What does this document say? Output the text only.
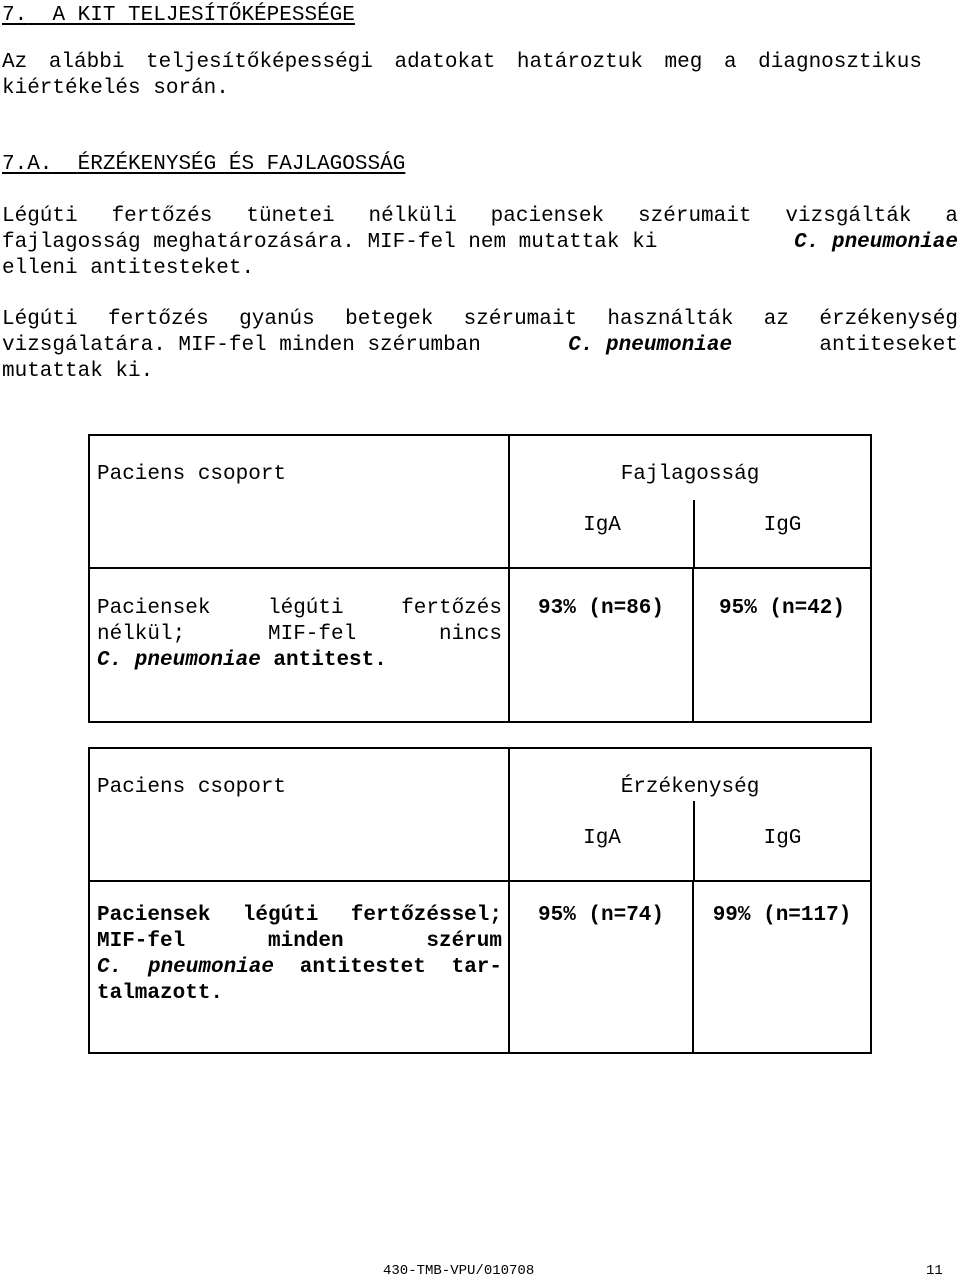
7. A KIT TELJESÍTŐKÉPESSÉGE
Az alábbi teljesítőképességi adatokat határoztuk meg a diagnosztikus
kiértékelés során.
7.A. ÉRZÉKENYSÉG ÉS FAJLAGOSSÁG
Légúti fertőzés tünetei nélküli paciensek szérumait vizsgálták a
fajlagosság meghatározására. MIF-fel nem mutattak ki	C. pneumoniae
elleni antitesteket.
Légúti fertőzés gyanús betegek szérumait használták az érzékenység
vizsgálatára. MIF-fel minden szérumban	C. pneumoniae	antiteseket
mutattak ki.
Paciens csoport	Fajlagosság
IgA IgG	

Paciensek légúti fertőzés
nélkül; MIF-fel nincs
C. pneumoniae antitest.	93% (n=86)	95% (n=42)
Paciens csoport	Érzékenység
IgA IgG	

Paciensek légúti fertőzéssel;
MIF-fel minden szérum
C. pneumoniae antitestet tar-
talmazott.	95% (n=74)	99% (n=117)
430-TMB-VPU/010708	11
